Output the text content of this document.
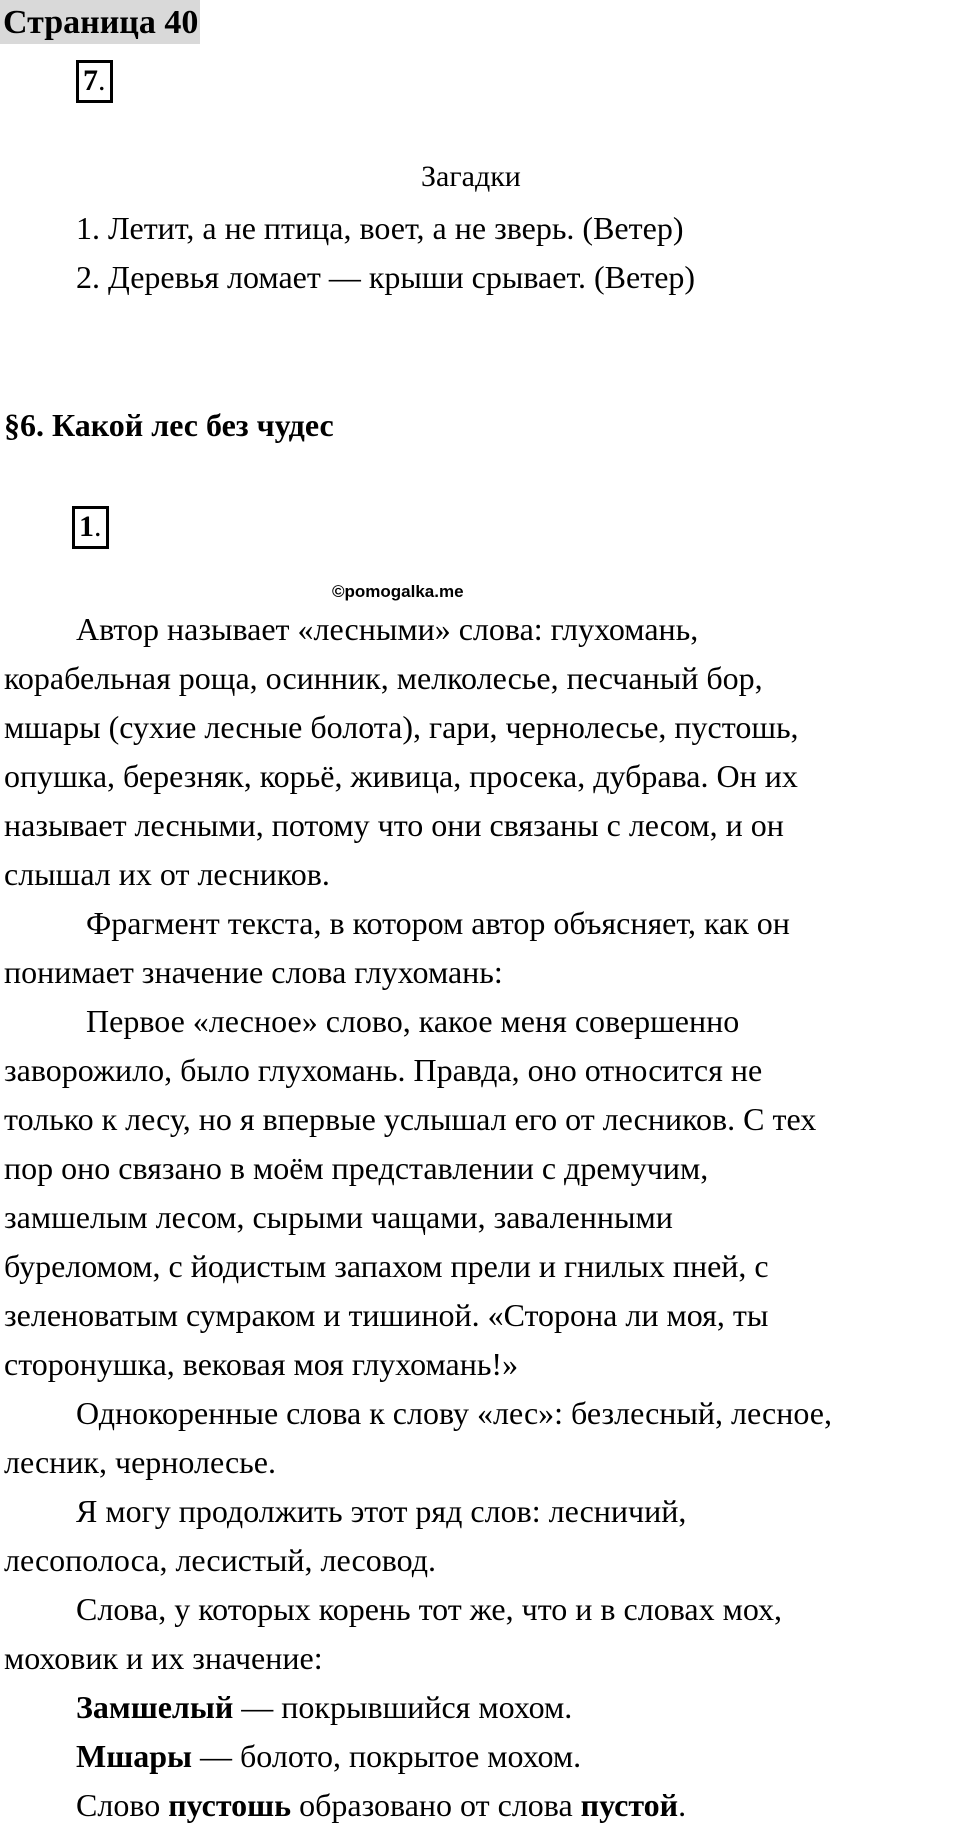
Страница 40
7.
Загадки
1. Летит, а не птица, воет, а не зверь. (Ветер)
2. Деревья ломает — крыши срывает. (Ветер)
§6. Какой лес без чудес
1.
©pomogalka.me
Автор называет «лесными» слова: глухомань,
корабельная роща, осинник, мелколесье, песчаный бор,
мшары (сухие лесные болота), гари, чернолесье, пустошь,
опушка, березняк, корьё, живица, просека, дубрава. Он их
называет лесными, потому что они связаны с лесом, и он
слышал их от лесников.
Фрагмент текста, в котором автор объясняет, как он
понимает значение слова глухомань:
Первое «лесное» слово, какое меня совершенно
заворожило, было глухомань. Правда, оно относится не
только к лесу, но я впервые услышал его от лесников. С тех
пор оно связано в моём представлении с дремучим,
замшелым лесом, сырыми чащами, заваленными
буреломом, с йодистым запахом прели и гнилых пней, с
зеленоватым сумраком и тишиной. «Сторона ли моя, ты
сторонушка, вековая моя глухомань!»
Однокоренные слова к слову «лес»: безлесный, лесное,
лесник, чернолесье.
Я могу продолжить этот ряд слов: лесничий,
лесополоса, лесистый, лесовод.
Слова, у которых корень тот же, что и в словах мох,
моховик и их значение:
Замшелый — покрывшийся мохом.
Мшары — болото, покрытое мохом.
Слово пустошь образовано от слова пустой.
